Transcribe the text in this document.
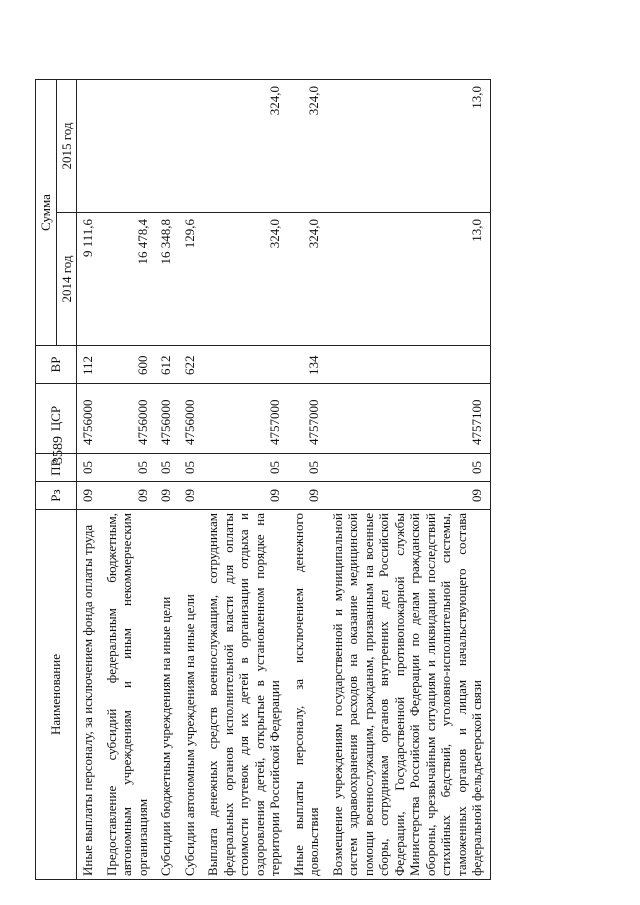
3589
Наименование	Рз	ПР	ЦСР	ВР	Сумма	
					2014 год	2015 год
Иные выплаты персоналу, за исключением фонда оплаты труда	09	05	4756000	112	9 111,6	
Предоставление субсидий федеральным бюджетным, автономным учреждениям и иным некоммерческим организациям	09	05	4756000	600	16 478,4	
Субсидии бюджетным учреждениям на иные цели	09	05	4756000	612	16 348,8	
Субсидии автономным учреждениям на иные цели	09	05	4756000	622	129,6	
Выплата денежных средств военнослужащим, сотрудникам федеральных органов исполнительной власти для оплаты стоимости путевок для их детей в организации отдыха и оздоровления детей, открытые в установленном порядке на территории Российской Федерации	09	05	4757000		324,0	324,0
Иные выплаты персоналу, за исключением денежного довольствия	09	05	4757000	134	324,0	324,0
Возмещение учреждениям государственной и муниципальной систем здравоохранения расходов на оказание медицинской помощи военнослужащим, гражданам, призванным на военные сборы, сотрудникам органов внутренних дел Российской Федерации, Государственной противопожарной службы Министерства Российской Федерации по делам гражданской обороны, чрезвычайным ситуациям и ликвидации последствий стихийных бедствий, уголовно-исполнительной системы, таможенных органов и лицам начальствующего состава федеральной фельдъегерской связи	09	05	4757100		13,0	13,0
